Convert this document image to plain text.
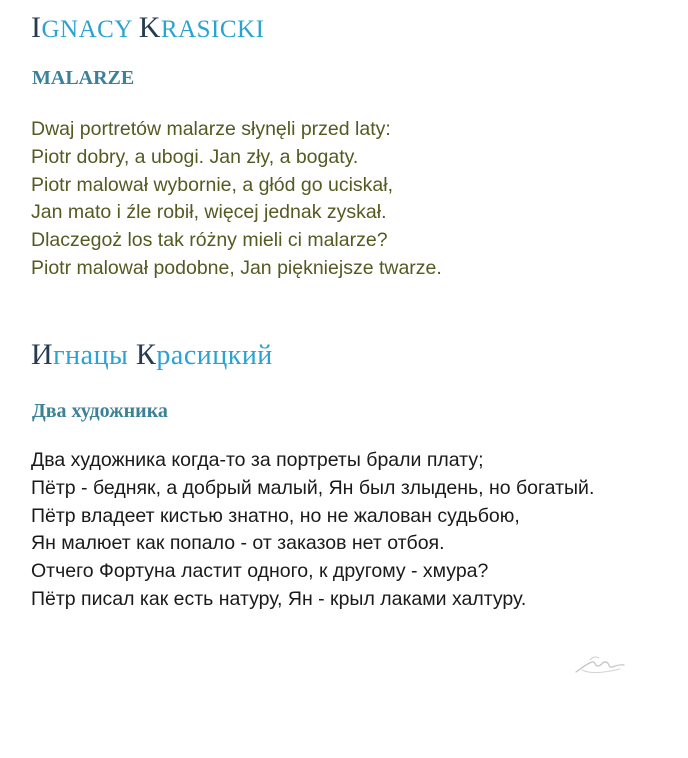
IGNACY KRASICKI
MALARZE
Dwaj portretów malarze słynęli przed laty:
Piotr dobry, a ubogi. Jan zły, a bogaty.
Piotr malował wybornie, a głód go uciskał,
Jan mato i źle robił, więcej jednak zyskał.
Dlaczegoż los tak różny mieli ci malarze?
Piotr malował podobne, Jan piękniejsze twarze.
Игнацы Красицкий
Два художника
Два художника когда-то за портреты брали плату;
Пётр - бедняк, а добрый малый, Ян был злыдень, но богатый.
Пётр владеет кистью знатно, но не жалован судьбою,
Ян малюет как попало - от заказов нет отбоя.
Отчего Фортуна ластит одного, к другому - хмура?
Пётр писал как есть натуру, Ян - крыл лаками халтуру.
